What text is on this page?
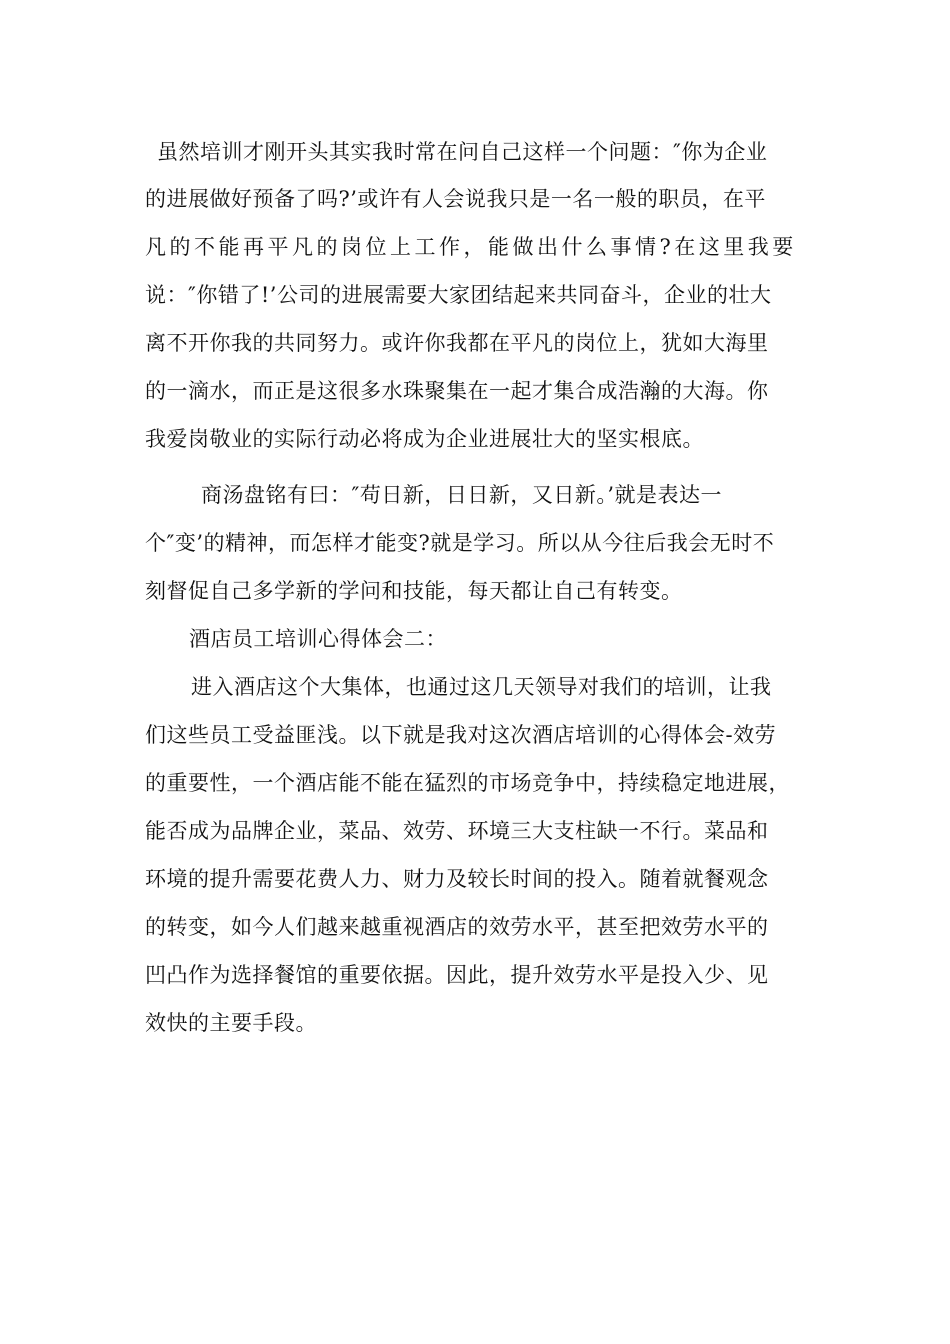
虽然培训才刚开头其实我时常在问自己这样一个问题：″你为企业
的进展做好预备了吗?’或许有人会说我只是一名一般的职员，在平
凡的不能再平凡的岗位上工作，能做出什么事情?在这里我要
说：″你错了!’公司的进展需要大家团结起来共同奋斗，企业的壮大
离不开你我的共同努力。或许你我都在平凡的岗位上，犹如大海里
的一滴水，而正是这很多水珠聚集在一起才集合成浩瀚的大海。你
我爱岗敬业的实际行动必将成为企业进展壮大的坚实根底。
商汤盘铭有曰：″苟日新，日日新，又日新。’就是表达一
个″变’的精神，而怎样才能变?就是学习。所以从今往后我会无时不
刻督促自己多学新的学问和技能，每天都让自己有转变。
酒店员工培训心得体会二：
进入酒店这个大集体，也通过这几天领导对我们的培训，让我
们这些员工受益匪浅。以下就是我对这次酒店培训的心得体会-效劳
的重要性，一个酒店能不能在猛烈的市场竞争中，持续稳定地进展，
能否成为品牌企业，菜品、效劳、环境三大支柱缺一不行。菜品和
环境的提升需要花费人力、财力及较长时间的投入。随着就餐观念
的转变，如今人们越来越重视酒店的效劳水平，甚至把效劳水平的
凹凸作为选择餐馆的重要依据。因此，提升效劳水平是投入少、见
效快的主要手段。
